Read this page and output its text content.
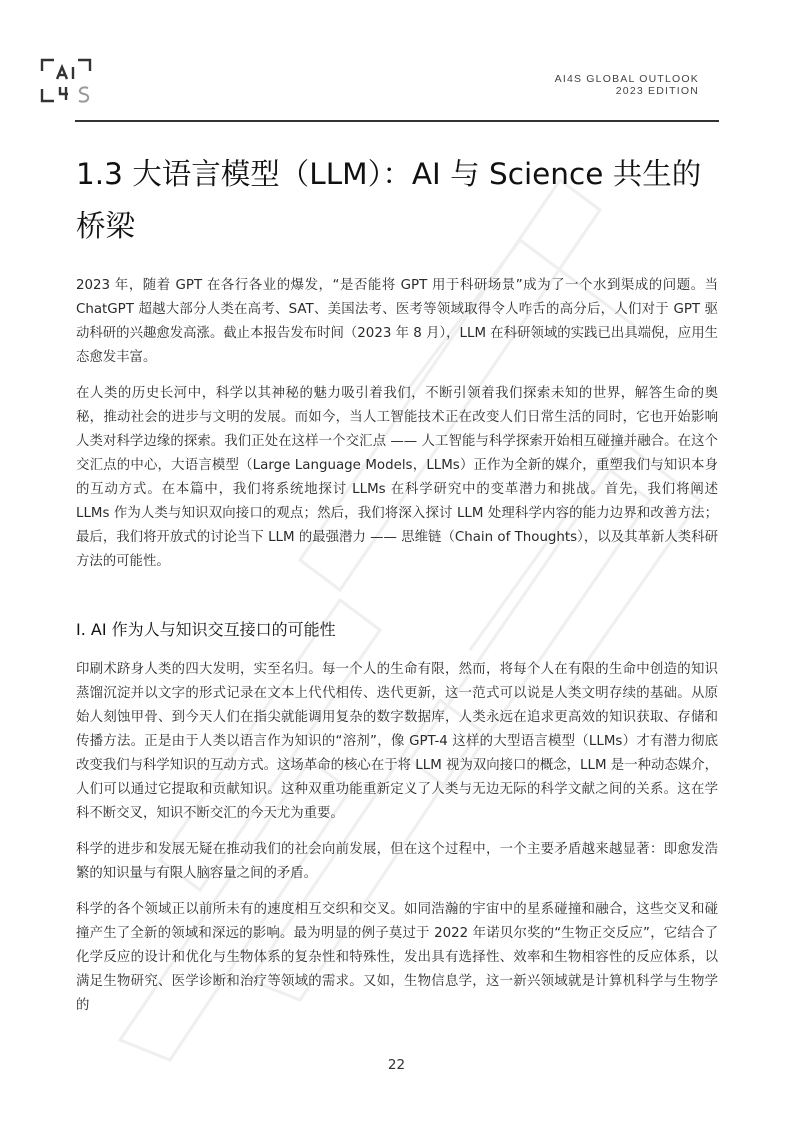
AI4S GLOBAL OUTLOOK
2023 EDITION
1.3 大语言模型（LLM）：AI 与 Science 共生的桥梁

2023 年，随着 GPT 在各行各业的爆发，“是否能将 GPT 用于科研场景”成为了一个水到渠成的问题。当 ChatGPT 超越大部分人类在高考、SAT、美国法考、医考等领域取得令人咋舌的高分后，人们对于 GPT 驱动科研的兴趣愈发高涨。截止本报告发布时间（2023 年 8 月），LLM 在科研领域的实践已出具端倪，应用生态愈发丰富。

在人类的历史长河中，科学以其神秘的魅力吸引着我们，不断引领着我们探索未知的世界，解答生命的奥秘，推动社会的进步与文明的发展。而如今，当人工智能技术正在改变人们日常生活的同时，它也开始影响人类对科学边缘的探索。我们正处在这样一个交汇点 —— 人工智能与科学探索开始相互碰撞并融合。在这个交汇点的中心，大语言模型（Large Language Models，LLMs）正作为全新的媒介，重塑我们与知识本身的互动方式。在本篇中，我们将系统地探讨 LLMs 在科学研究中的变革潜力和挑战。首先，我们将阐述 LLMs 作为人类与知识双向接口的观点；然后，我们将深入探讨 LLM 处理科学内容的能力边界和改善方法；最后，我们将开放式的讨论当下 LLM 的最强潜力 —— 思维链（Chain of Thoughts），以及其革新人类科研方法的可能性。

I. AI 作为人与知识交互接口的可能性

印刷术跻身人类的四大发明，实至名归。每一个人的生命有限，然而，将每个人在有限的生命中创造的知识蒸馏沉淀并以文字的形式记录在文本上代代相传、迭代更新，这一范式可以说是人类文明存续的基础。从原始人刻蚀甲骨、到今天人们在指尖就能调用复杂的数字数据库，人类永远在追求更高效的知识获取、存储和传播方法。正是由于人类以语言作为知识的“溶剂”，像 GPT-4 这样的大型语言模型（LLMs）才有潜力彻底改变我们与科学知识的互动方式。这场革命的核心在于将 LLM 视为双向接口的概念，LLM 是一种动态媒介，人们可以通过它提取和贡献知识。这种双重功能重新定义了人类与无边无际的科学文献之间的关系。这在学科不断交叉，知识不断交汇的今天尤为重要。

科学的进步和发展无疑在推动我们的社会向前发展，但在这个过程中，一个主要矛盾越来越显著：即愈发浩繁的知识量与有限人脑容量之间的矛盾。

科学的各个领域正以前所未有的速度相互交织和交叉。如同浩瀚的宇宙中的星系碰撞和融合，这些交叉和碰撞产生了全新的领域和深远的影响。最为明显的例子莫过于 2022 年诺贝尔奖的“生物正交反应”，它结合了化学反应的设计和优化与生物体系的复杂性和特殊性，发出具有选择性、效率和生物相容性的反应体系，以满足生物研究、医学诊断和治疗等领域的需求。又如，生物信息学，这一新兴领域就是计算机科学与生物学的

22
